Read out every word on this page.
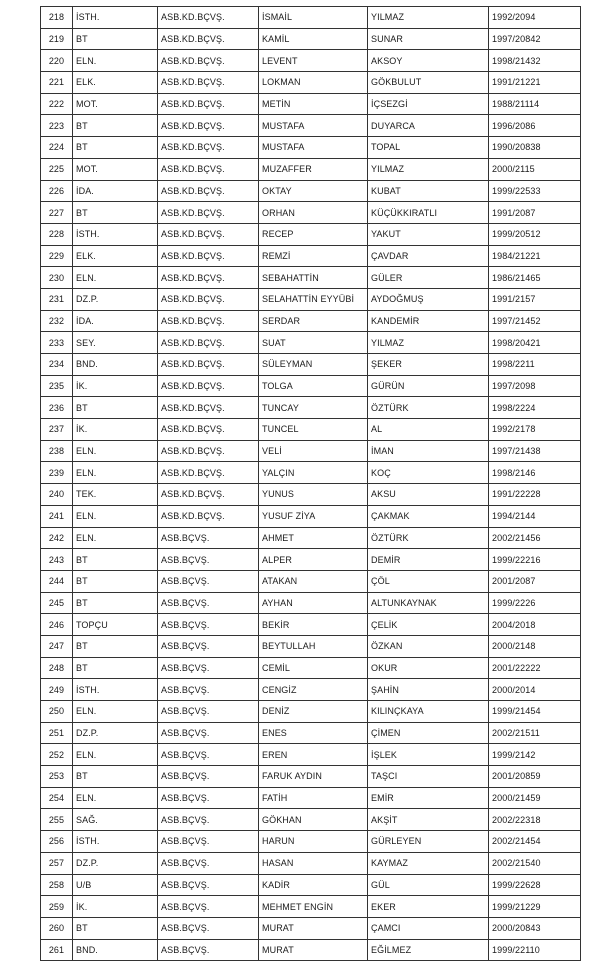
218	İSTH.	ASB.KD.BÇVŞ.	İSMAİL	YILMAZ	1992/2094
219	BT	ASB.KD.BÇVŞ.	KAMİL	SUNAR	1997/20842
220	ELN.	ASB.KD.BÇVŞ.	LEVENT	AKSOY	1998/21432
221	ELK.	ASB.KD.BÇVŞ.	LOKMAN	GÖKBULUT	1991/21221
222	MOT.	ASB.KD.BÇVŞ.	METİN	İÇSEZGİ	1988/21114
223	BT	ASB.KD.BÇVŞ.	MUSTAFA	DUYARCA	1996/2086
224	BT	ASB.KD.BÇVŞ.	MUSTAFA	TOPAL	1990/20838
225	MOT.	ASB.KD.BÇVŞ.	MUZAFFER	YILMAZ	2000/2115
226	İDA.	ASB.KD.BÇVŞ.	OKTAY	KUBAT	1999/22533
227	BT	ASB.KD.BÇVŞ.	ORHAN	KÜÇÜKKIRATLI	1991/2087
228	İSTH.	ASB.KD.BÇVŞ.	RECEP	YAKUT	1999/20512
229	ELK.	ASB.KD.BÇVŞ.	REMZİ	ÇAVDAR	1984/21221
230	ELN.	ASB.KD.BÇVŞ.	SEBAHATTİN	GÜLER	1986/21465
231	DZ.P.	ASB.KD.BÇVŞ.	SELAHATTİN EYYÜBİ	AYDOĞMUŞ	1991/2157
232	İDA.	ASB.KD.BÇVŞ.	SERDAR	KANDEMİR	1997/21452
233	SEY.	ASB.KD.BÇVŞ.	SUAT	YILMAZ	1998/20421
234	BND.	ASB.KD.BÇVŞ.	SÜLEYMAN	ŞEKER	1998/2211
235	İK.	ASB.KD.BÇVŞ.	TOLGA	GÜRÜN	1997/2098
236	BT	ASB.KD.BÇVŞ.	TUNCAY	ÖZTÜRK	1998/2224
237	İK.	ASB.KD.BÇVŞ.	TUNCEL	AL	1992/2178
238	ELN.	ASB.KD.BÇVŞ.	VELİ	İMAN	1997/21438
239	ELN.	ASB.KD.BÇVŞ.	YALÇIN	KOÇ	1998/2146
240	TEK.	ASB.KD.BÇVŞ.	YUNUS	AKSU	1991/22228
241	ELN.	ASB.KD.BÇVŞ.	YUSUF ZİYA	ÇAKMAK	1994/2144
242	ELN.	ASB.BÇVŞ.	AHMET	ÖZTÜRK	2002/21456
243	BT	ASB.BÇVŞ.	ALPER	DEMİR	1999/22216
244	BT	ASB.BÇVŞ.	ATAKAN	ÇÖL	2001/2087
245	BT	ASB.BÇVŞ.	AYHAN	ALTUNKAYNAK	1999/2226
246	TOPÇU	ASB.BÇVŞ.	BEKİR	ÇELİK	2004/2018
247	BT	ASB.BÇVŞ.	BEYTULLAH	ÖZKAN	2000/2148
248	BT	ASB.BÇVŞ.	CEMİL	OKUR	2001/22222
249	İSTH.	ASB.BÇVŞ.	CENGİZ	ŞAHİN	2000/2014
250	ELN.	ASB.BÇVŞ.	DENİZ	KILINÇKAYA	1999/21454
251	DZ.P.	ASB.BÇVŞ.	ENES	ÇİMEN	2002/21511
252	ELN.	ASB.BÇVŞ.	EREN	İŞLEK	1999/2142
253	BT	ASB.BÇVŞ.	FARUK AYDIN	TAŞCI	2001/20859
254	ELN.	ASB.BÇVŞ.	FATİH	EMİR	2000/21459
255	SAĞ.	ASB.BÇVŞ.	GÖKHAN	AKŞİT	2002/22318
256	İSTH.	ASB.BÇVŞ.	HARUN	GÜRLEYEN	2002/21454
257	DZ.P.	ASB.BÇVŞ.	HASAN	KAYMAZ	2002/21540
258	U/B	ASB.BÇVŞ.	KADİR	GÜL	1999/22628
259	İK.	ASB.BÇVŞ.	MEHMET ENGİN	EKER	1999/21229
260	BT	ASB.BÇVŞ.	MURAT	ÇAMCI	2000/20843
261	BND.	ASB.BÇVŞ.	MURAT	EĞİLMEZ	1999/22110
